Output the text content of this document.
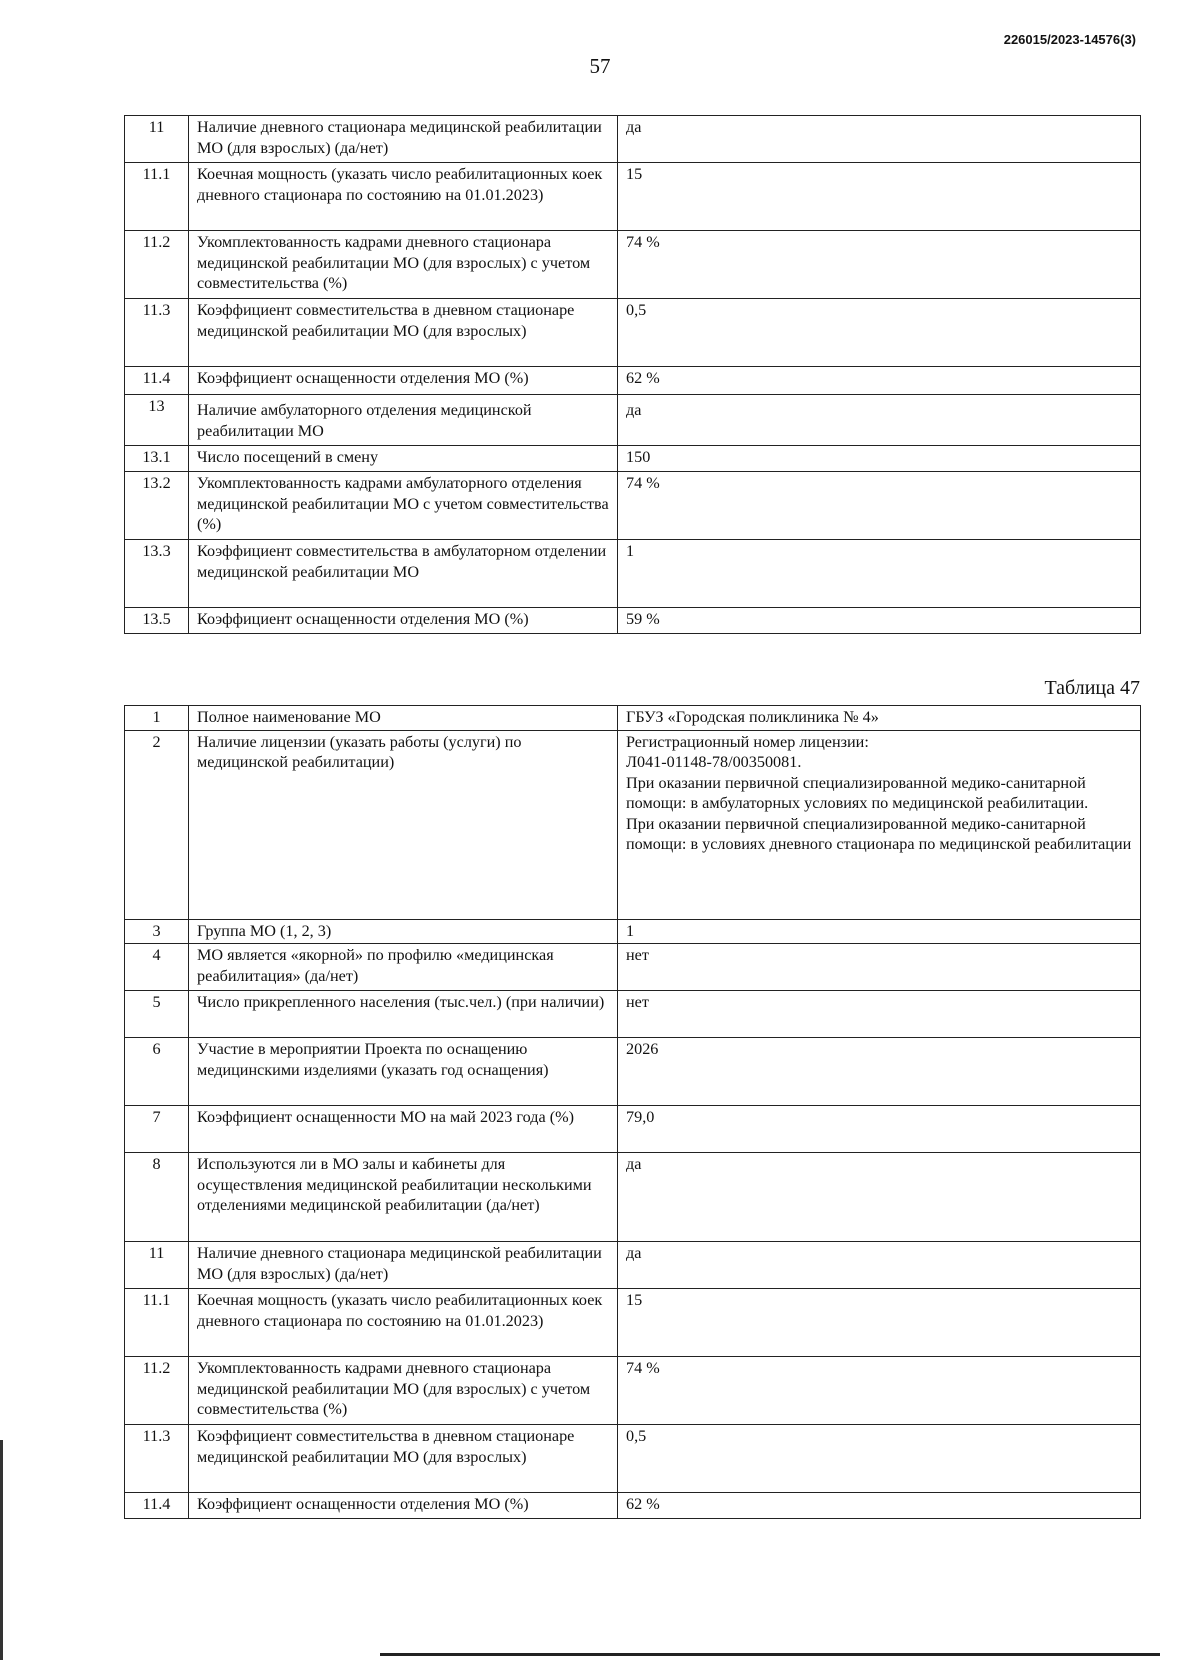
226015/2023-14576(3)
57
11	Наличие дневного стационара медицинской реабилитации МО (для взрослых) (да/нет)	да
11.1	Коечная мощность (указать число реабилитационных коек дневного стационара по состоянию на 01.01.2023)	15
11.2	Укомплектованность кадрами дневного стационара медицинской реабилитации МО (для взрослых) с учетом совместительства (%)	74 %
11.3	Коэффициент совместительства в дневном стационаре медицинской реабилитации МО (для взрослых)	0,5
11.4	Коэффициент оснащенности отделения МО (%)	62 %
13	Наличие амбулаторного отделения медицинской реабилитации МО	да
13.1	Число посещений в смену	150
13.2	Укомплектованность кадрами амбулаторного отделения медицинской реабилитации МО с учетом совместительства (%)	74 %
13.3	Коэффициент совместительства в амбулаторном отделении медицинской реабилитации МО	1
13.5	Коэффициент оснащенности отделения МО (%)	59 %
Таблица 47
1	Полное наименование МО	ГБУЗ «Городская поликлиника № 4»
2	Наличие лицензии (указать работы (услуги) по медицинской реабилитации)	Регистрационный номер лицензии:
Л041-01148-78/00350081.
При оказании первичной специализированной медико-санитарной помощи: в амбулаторных условиях по медицинской реабилитации.
При оказании первичной специализированной медико-санитарной помощи: в условиях дневного стационара по медицинской реабилитации
3	Группа МО (1, 2, 3)	1
4	МО является «якорной» по профилю «медицинская реабилитация» (да/нет)	нет
5	Число прикрепленного населения (тыс.чел.) (при наличии)	нет
6	Участие в мероприятии Проекта по оснащению медицинскими изделиями (указать год оснащения)	2026
7	Коэффициент оснащенности МО на май 2023 года (%)	79,0
8	Используются ли в МО залы и кабинеты для осуществления медицинской реабилитации несколькими отделениями медицинской реабилитации (да/нет)	да
11	Наличие дневного стационара медицинской реабилитации МО (для взрослых) (да/нет)	да
11.1	Коечная мощность (указать число реабилитационных коек дневного стационара по состоянию на 01.01.2023)	15
11.2	Укомплектованность кадрами дневного стационара медицинской реабилитации МО (для взрослых) с учетом совместительства (%)	74 %
11.3	Коэффициент совместительства в дневном стационаре медицинской реабилитации МО (для взрослых)	0,5
11.4	Коэффициент оснащенности отделения МО (%)	62 %
